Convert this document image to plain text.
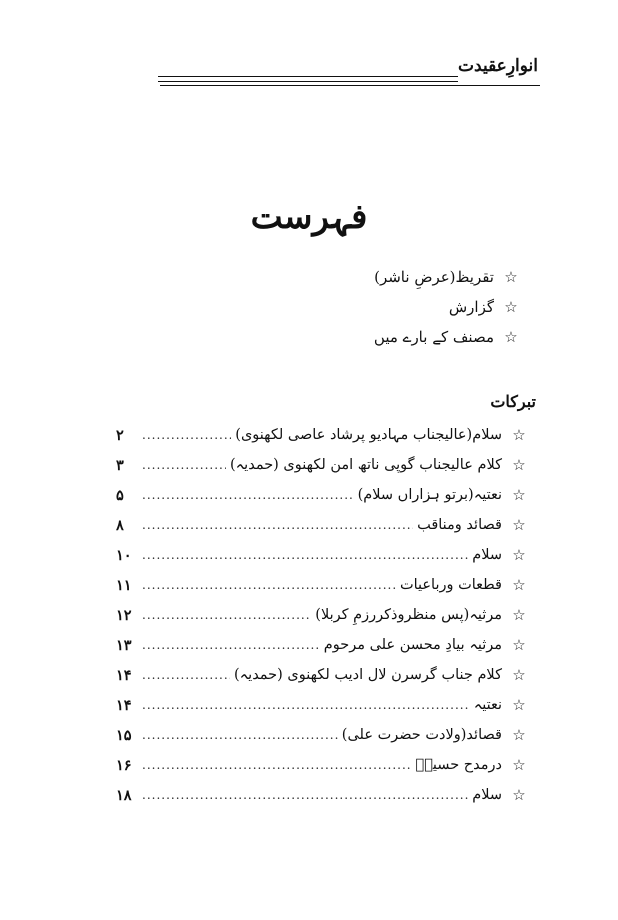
انوارِعقیدت
فہرست
☆
تقریظ(عرضِ ناشر)
☆
گزارش
☆
مصنف کے بارے میں
تبرکات
☆
سلام(عالیجناب مہادیو پرشاد عاصی لکھنوی)
.....
۲
☆
کلام عالیجناب گوپی ناتھ امن لکھنوی (حمدیہ)
.....
۳
☆
نعتیہ(برتو ہزاراں سلام)
.....
۵
☆
قصائد ومناقب
.....
۸
☆
سلام
.....
۱۰
☆
قطعات ورباعیات
.....
۱۱
☆
مرثیہ(پس منظروذکررزمِ کربلا)
.....
۱۲
☆
مرثیہ بیادِ محسن علی مرحوم
.....
۱۳
☆
کلام جناب گرسرن لال ادیب لکھنوی (حمدیہ)
.....
۱۴
☆
نعتیہ
.....
۱۴
☆
قصائد(ولادت حضرت علی)
.....
۱۵
☆
درمدح حسینؑ
.....
۱۶
☆
سلام
.....
۱۸
